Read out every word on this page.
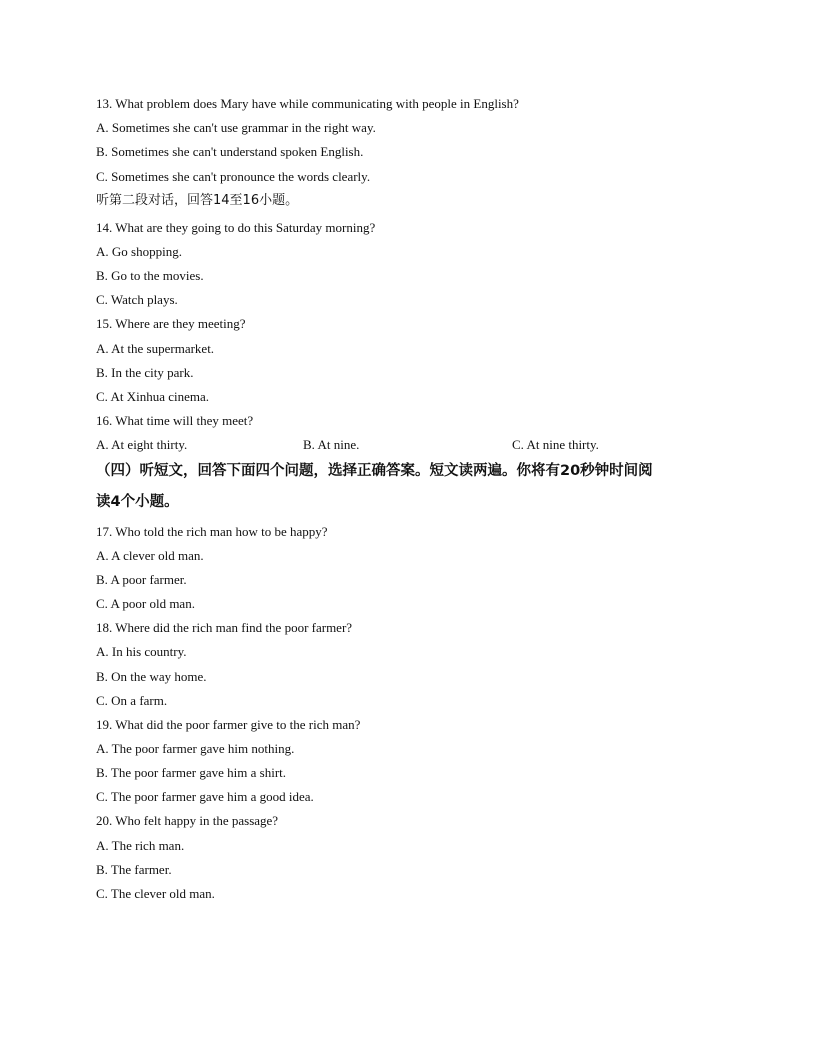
13. What problem does Mary have while communicating with people in English?
A. Sometimes she can't use grammar in the right way.
B. Sometimes she can't understand spoken English.
C. Sometimes she can't pronounce the words clearly.
听第二段对话，回答14至16小题。
14. What are they going to do this Saturday morning?
A. Go shopping.
B. Go to the movies.
C. Watch plays.
15. Where are they meeting?
A. At the supermarket.
B. In the city park.
C. At Xinhua cinema.
16. What time will they meet?
A. At eight thirty.	B. At nine.	C. At nine thirty.
（四）听短文，回答下面四个问题，选择正确答案。短文读两遍。你将有20秒钟时间阅
读4个小题。
17. Who told the rich man how to be happy?
A. A clever old man.
B. A poor farmer.
C. A poor old man.
18. Where did the rich man find the poor farmer?
A. In his country.
B. On the way home.
C. On a farm.
19. What did the poor farmer give to the rich man?
A. The poor farmer gave him nothing.
B. The poor farmer gave him a shirt.
C. The poor farmer gave him a good idea.
20. Who felt happy in the passage?
A. The rich man.
B. The farmer.
C. The clever old man.
